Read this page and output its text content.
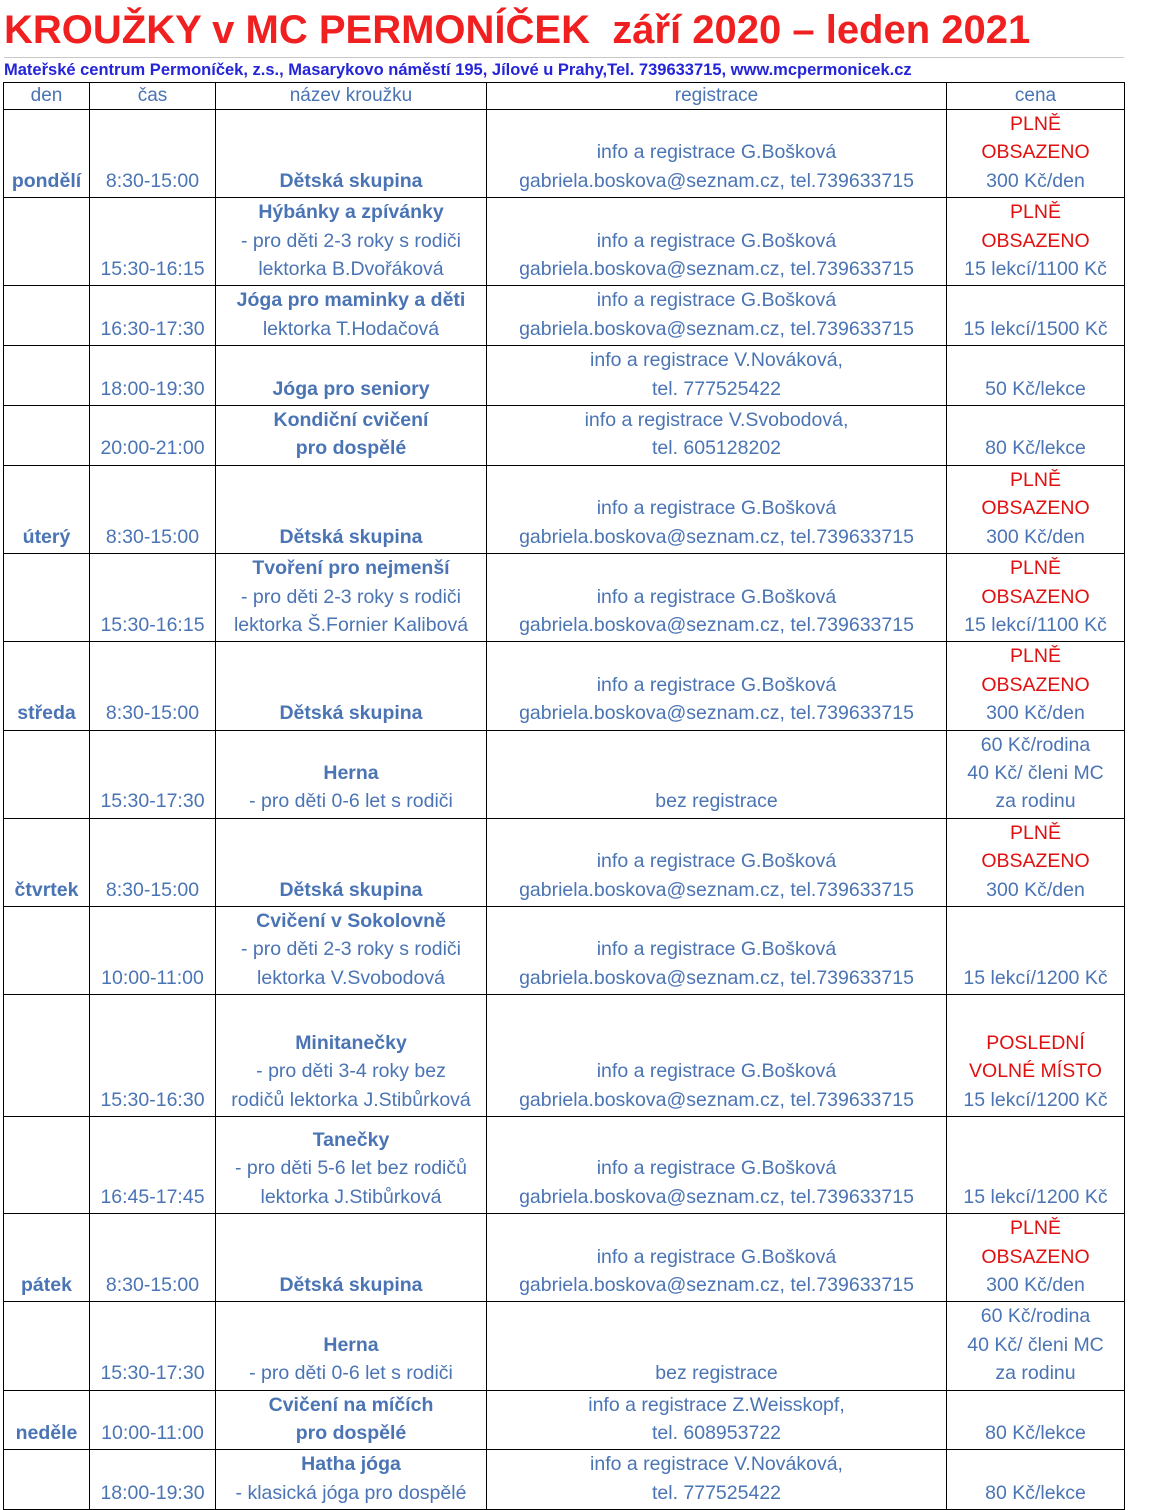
KROUŽKY v MC PERMONÍČEK  září 2020 – leden 2021
Mateřské centrum Permoníček, z.s., Masarykovo náměstí 195, Jílové u Prahy,Tel. 739633715, www.mcpermonicek.cz
den	čas	název kroužku	registrace	cena

pondělí	8:30-15:00	Dětská skupina	info a registrace G.Bošková
gabriela.boskova@seznam.cz, tel.739633715	PLNĚ
OBSAZENO
300 Kč/den

	15:30-16:15	Hýbánky a zpívánky
- pro děti 2-3 roky s rodiči
lektorka B.Dvořáková	info a registrace G.Bošková
gabriela.boskova@seznam.cz, tel.739633715	PLNĚ
OBSAZENO
15 lekcí/1100 Kč

	16:30-17:30	Jóga pro maminky a děti
lektorka T.Hodačová	info a registrace G.Bošková
gabriela.boskova@seznam.cz, tel.739633715	15 lekcí/1500 Kč

	18:00-19:30	Jóga pro seniory	info a registrace V.Nováková,
tel. 777525422	50 Kč/lekce

	20:00-21:00	Kondiční cvičení
pro dospělé	info a registrace V.Svobodová,
tel. 605128202	80 Kč/lekce

úterý	8:30-15:00	Dětská skupina	info a registrace G.Bošková
gabriela.boskova@seznam.cz, tel.739633715	PLNĚ
OBSAZENO
300 Kč/den

	15:30-16:15	Tvoření pro nejmenší
- pro děti 2-3 roky s rodiči
lektorka Š.Fornier Kalibová	info a registrace G.Bošková
gabriela.boskova@seznam.cz, tel.739633715	PLNĚ
OBSAZENO
15 lekcí/1100 Kč

středa	8:30-15:00	Dětská skupina	info a registrace G.Bošková
gabriela.boskova@seznam.cz, tel.739633715	PLNĚ
OBSAZENO
300 Kč/den

	15:30-17:30	Herna
- pro děti 0-6 let s rodiči	bez registrace	60 Kč/rodina
40 Kč/ členi MC
za rodinu

čtvrtek	8:30-15:00	Dětská skupina	info a registrace G.Bošková
gabriela.boskova@seznam.cz, tel.739633715	PLNĚ
OBSAZENO
300 Kč/den

	10:00-11:00	Cvičení v Sokolovně
- pro děti 2-3 roky s rodiči
lektorka V.Svobodová	info a registrace G.Bošková
gabriela.boskova@seznam.cz, tel.739633715	15 lekcí/1200 Kč

	15:30-16:30	Minitanečky
- pro děti 3-4 roky bez
rodičů lektorka J.Stibůrková	info a registrace G.Bošková
gabriela.boskova@seznam.cz, tel.739633715	POSLEDNÍ
VOLNÉ MÍSTO
15 lekcí/1200 Kč

	16:45-17:45	Tanečky
- pro děti 5-6 let bez rodičů
lektorka J.Stibůrková	info a registrace G.Bošková
gabriela.boskova@seznam.cz, tel.739633715	15 lekcí/1200 Kč

pátek	8:30-15:00	Dětská skupina	info a registrace G.Bošková
gabriela.boskova@seznam.cz, tel.739633715	PLNĚ
OBSAZENO
300 Kč/den

	15:30-17:30	Herna
- pro děti 0-6 let s rodiči	bez registrace	60 Kč/rodina
40 Kč/ členi MC
za rodinu

neděle	10:00-11:00	Cvičení na míčích
pro dospělé	info a registrace Z.Weisskopf,
tel. 608953722	80 Kč/lekce

	18:00-19:30	Hatha jóga
- klasická jóga pro dospělé	info a registrace V.Nováková,
tel. 777525422	80 Kč/lekce
